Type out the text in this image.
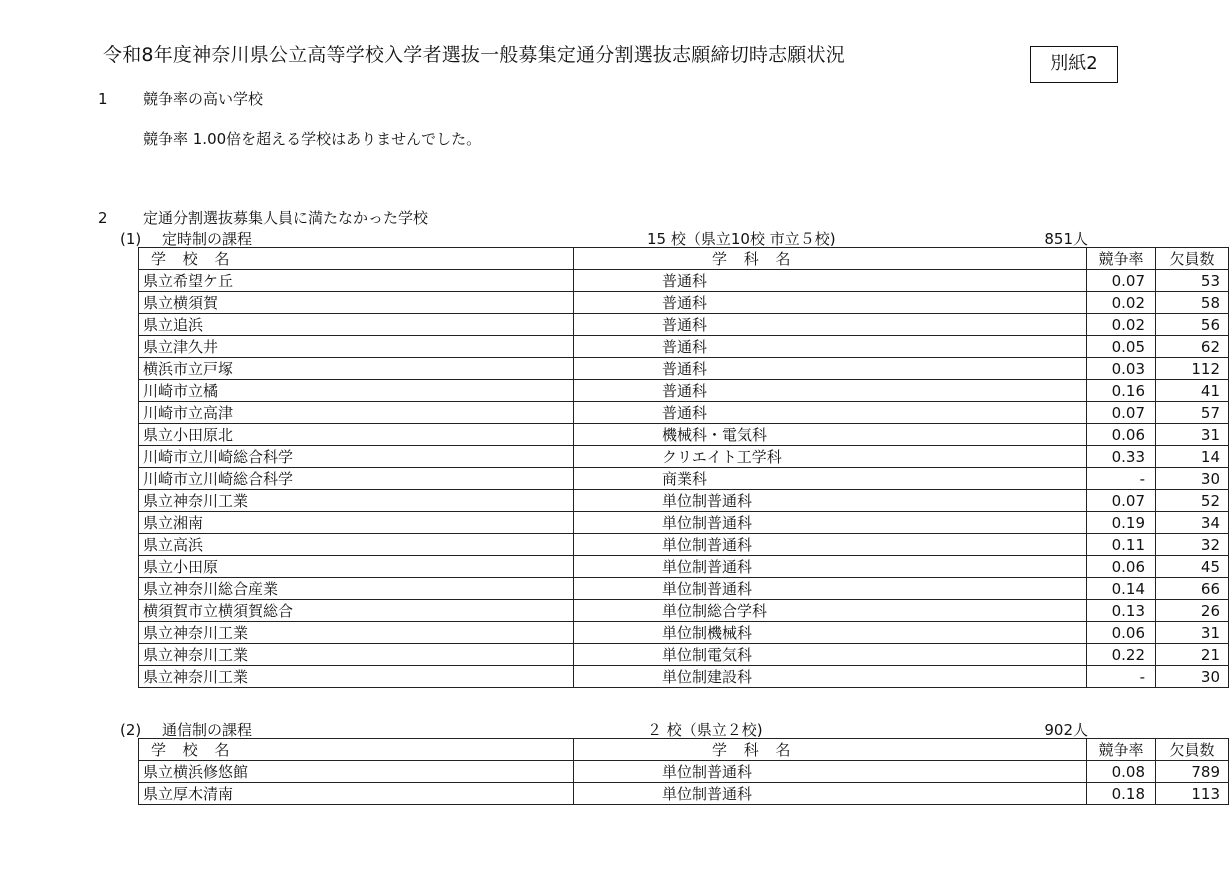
令和8年度神奈川県公立高等学校入学者選抜一般募集定通分割選抜志願締切時志願状況	別紙2
1 競争率の高い学校
競争率 1.00倍を超える学校はありませんでした。
2 定通分割選抜募集人員に満たなかった学校
(1) 定時制の課程	15 校（県立10校 市立５校)	851人
学 校 名	学 科 名	競争率	欠員数
県立希望ケ丘	普通科	0.07	53
県立横須賀	普通科	0.02	58
県立追浜	普通科	0.02	56
県立津久井	普通科	0.05	62
横浜市立戸塚	普通科	0.03	112
川崎市立橘	普通科	0.16	41
川崎市立高津	普通科	0.07	57
県立小田原北	機械科・電気科	0.06	31
川崎市立川崎総合科学	クリエイト工学科	0.33	14
川崎市立川崎総合科学	商業科	-	30
県立神奈川工業	単位制普通科	0.07	52
県立湘南	単位制普通科	0.19	34
県立高浜	単位制普通科	0.11	32
県立小田原	単位制普通科	0.06	45
県立神奈川総合産業	単位制普通科	0.14	66
横須賀市立横須賀総合	単位制総合学科	0.13	26
県立神奈川工業	単位制機械科	0.06	31
県立神奈川工業	単位制電気科	0.22	21
県立神奈川工業	単位制建設科	-	30
(2) 通信制の課程	２ 校（県立２校)	902人
学 校 名	学 科 名	競争率	欠員数
県立横浜修悠館	単位制普通科	0.08	789
県立厚木清南	単位制普通科	0.18	113
